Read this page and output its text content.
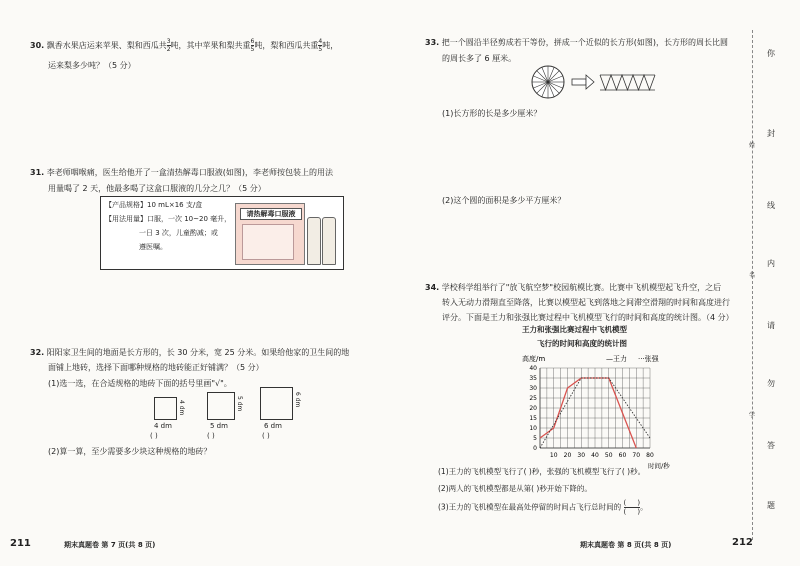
30. 飘香水果店运来苹果、梨和西瓜共 $\frac{3}{2}$ 吨，其中苹果和梨共重 $\frac{6}{5}$ 吨，梨和西瓜共重 $\frac{4}{5}$ 吨，
运来梨多少吨？（5 分）
31. 李老师咽喉痛，医生给他开了一盒清热解毒口服液(如图)，李老师按包装上的用法
用量喝了 2 天，他最多喝了这盒口服液的几分之几？（5 分）
【产品规格】10 mL×16 支/盒
【用法用量】口服，一次 10~20 毫升，
一日 3 次，儿童酌减；或
遵医嘱。
请热解毒口服液
32. 阳阳家卫生间的地面是长方形的，长 30 分米，宽 25 分米。如果给他家的卫生间的地
面铺上地砖，选择下面哪种规格的地砖能正好铺满？（5 分）
(1)选一选，在合适规格的地砖下面的括号里画"√"。
4 dm
4 dm
( )
5 dm
5 dm
( )
6 dm
6 dm
( )
(2)算一算，至少需要多少块这种规格的地砖？
211	期末真题卷 第 7 页(共 8 页)
33. 把一个圆沿半径剪成若干等份，拼成一个近似的长方形(如图)，长方形的周长比圆
的周长多了 6 厘米。
(1)长方形的长是多少厘米？
(2)这个圆的面积是多少平方厘米？
34. 学校科学组举行了"放飞航空梦"校园航模比赛。比赛中飞机模型起飞升空，之后
转入无动力滑翔直至降落，比赛以模型起飞到落地之间滞空滑翔的时间和高度进行
评分。下面是王力和张强比赛过程中飞机模型飞行的时间和高度的统计图。（4 分）
王力和张强比赛过程中飞机模型
飞行的时间和高度的统计图
高度/m	—王力 ···张强
0
5
10
15
20
25
30
35
40
10 20 30 40 50 60 70 80
时间/秒
(1)王力的飞机模型飞行了( )秒，张强的飞机模型飞行了( )秒。
(2)两人的飞机模型都是从第( )秒开始下降的。
(3)王力的飞机模型在最高处停留的时间占飞行总时间的 $\frac{( )}{( )}$ 。
期末真题卷 第 8 页(共 8 页)	212
你
封
线
内
请
勿
答
题
姓
名
学
